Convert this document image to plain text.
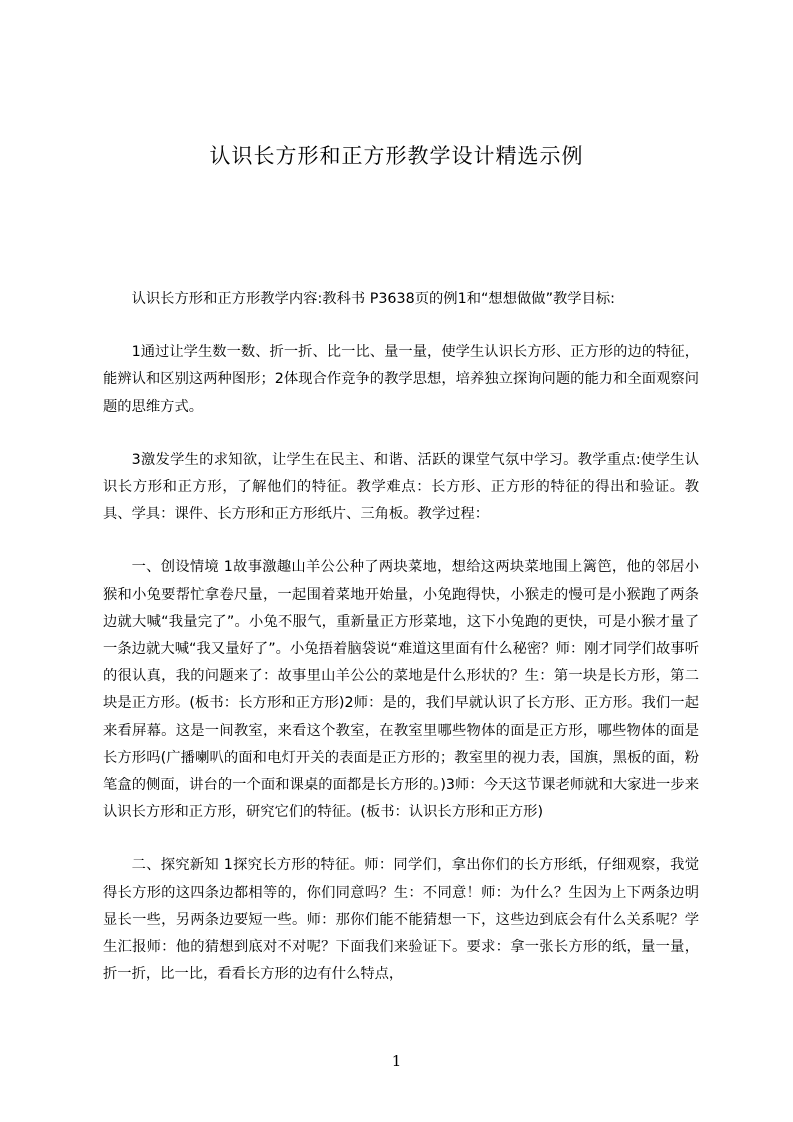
认识长方形和正方形教学设计精选示例

认识长方形和正方形教学内容:教科书 P3638页的例1和“想想做做”教学目标:

1通过让学生数一数、折一折、比一比、量一量，使学生认识长方形、正方形的边的特征，能辨认和区别这两种图形；2体现合作竞争的教学思想，培养独立探询问题的能力和全面观察问题的思维方式。

3激发学生的求知欲，让学生在民主、和谐、活跃的课堂气氛中学习。教学重点:使学生认识长方形和正方形，了解他们的特征。教学难点：长方形、正方形的特征的得出和验证。教具、学具：课件、长方形和正方形纸片、三角板。教学过程：

一、创设情境 1故事激趣山羊公公种了两块菜地，想给这两块菜地围上篱笆，他的邻居小猴和小兔要帮忙拿卷尺量，一起围着菜地开始量，小兔跑得快，小猴走的慢可是小猴跑了两条边就大喊“我量完了”。小兔不服气，重新量正方形菜地，这下小兔跑的更快，可是小猴才量了一条边就大喊“我又量好了”。小兔捂着脑袋说“难道这里面有什么秘密？师：刚才同学们故事听的很认真，我的问题来了：故事里山羊公公的菜地是什么形状的？生：第一块是长方形，第二块是正方形。(板书：长方形和正方形)2师：是的，我们早就认识了长方形、正方形。我们一起来看屏幕。这是一间教室，来看这个教室，在教室里哪些物体的面是正方形，哪些物体的面是长方形吗(广播喇叭的面和电灯开关的表面是正方形的；教室里的视力表，国旗，黑板的面，粉笔盒的侧面，讲台的一个面和课桌的面都是长方形的。)3师：今天这节课老师就和大家进一步来认识长方形和正方形，研究它们的特征。(板书：认识长方形和正方形)

二、探究新知 1探究长方形的特征。师：同学们，拿出你们的长方形纸，仔细观察，我觉得长方形的这四条边都相等的，你们同意吗？生：不同意！师：为什么？生因为上下两条边明显长一些，另两条边要短一些。师：那你们能不能猜想一下，这些边到底会有什么关系呢？学生汇报师：他的猜想到底对不对呢？下面我们来验证下。要求：拿一张长方形的纸，量一量，折一折，比一比，看看长方形的边有什么特点，

1
